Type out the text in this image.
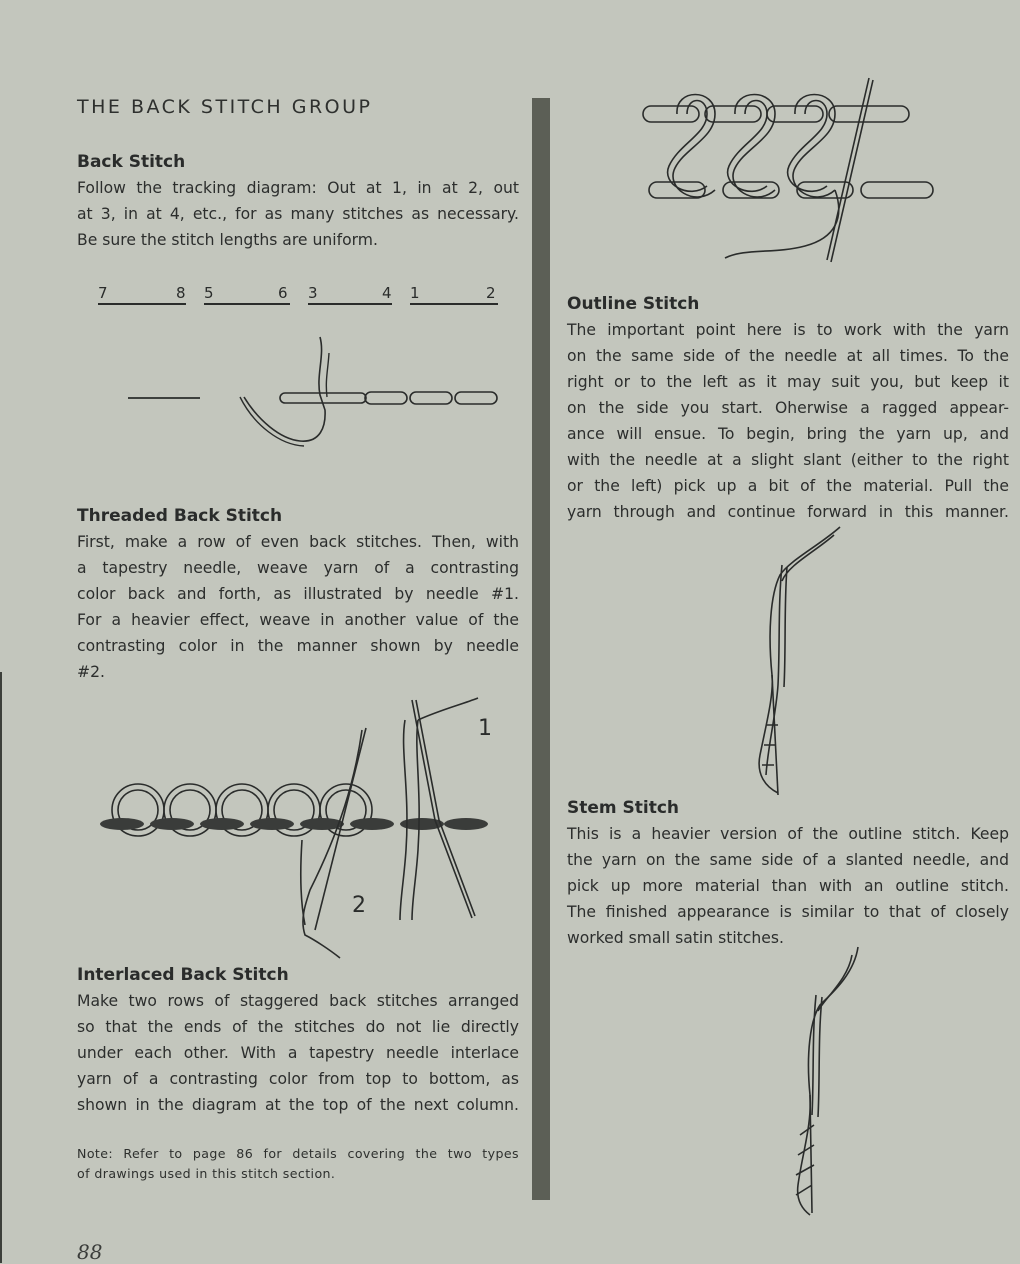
THE BACK STITCH GROUP
Back Stitch
Follow the tracking diagram: Out at 1, in at 2, out
at 3, in at 4, etc., for as many stitches as necessary.
Be sure the stitch lengths are uniform.
7	8 5	6 3	4 1	2
Threaded Back Stitch
First, make a row of even back stitches. Then, with
a tapestry needle, weave yarn of a contrasting
color back and forth, as illustrated by needle #1.
For a heavier effect, weave in another value of the
contrasting color in the manner shown by needle
#2.
1
2
Interlaced Back Stitch
Make two rows of staggered back stitches arranged
so that the ends of the stitches do not lie directly
under each other. With a tapestry needle interlace
yarn of a contrasting color from top to bottom, as
shown in the diagram at the top of the next column.
Note: Refer to page 86 for details covering the two types
of drawings used in this stitch section.
88
Outline Stitch
The important point here is to work with the yarn
on the same side of the needle at all times. To the
right or to the left as it may suit you, but keep it
on the side you start. Oherwise a ragged appear-
ance will ensue. To begin, bring the yarn up, and
with the needle at a slight slant (either to the right
or the left) pick up a bit of the material. Pull the
yarn through and continue forward in this manner.
Stem Stitch
This is a heavier version of the outline stitch. Keep
the yarn on the same side of a slanted needle, and
pick up more material than with an outline stitch.
The finished appearance is similar to that of closely
worked small satin stitches.
